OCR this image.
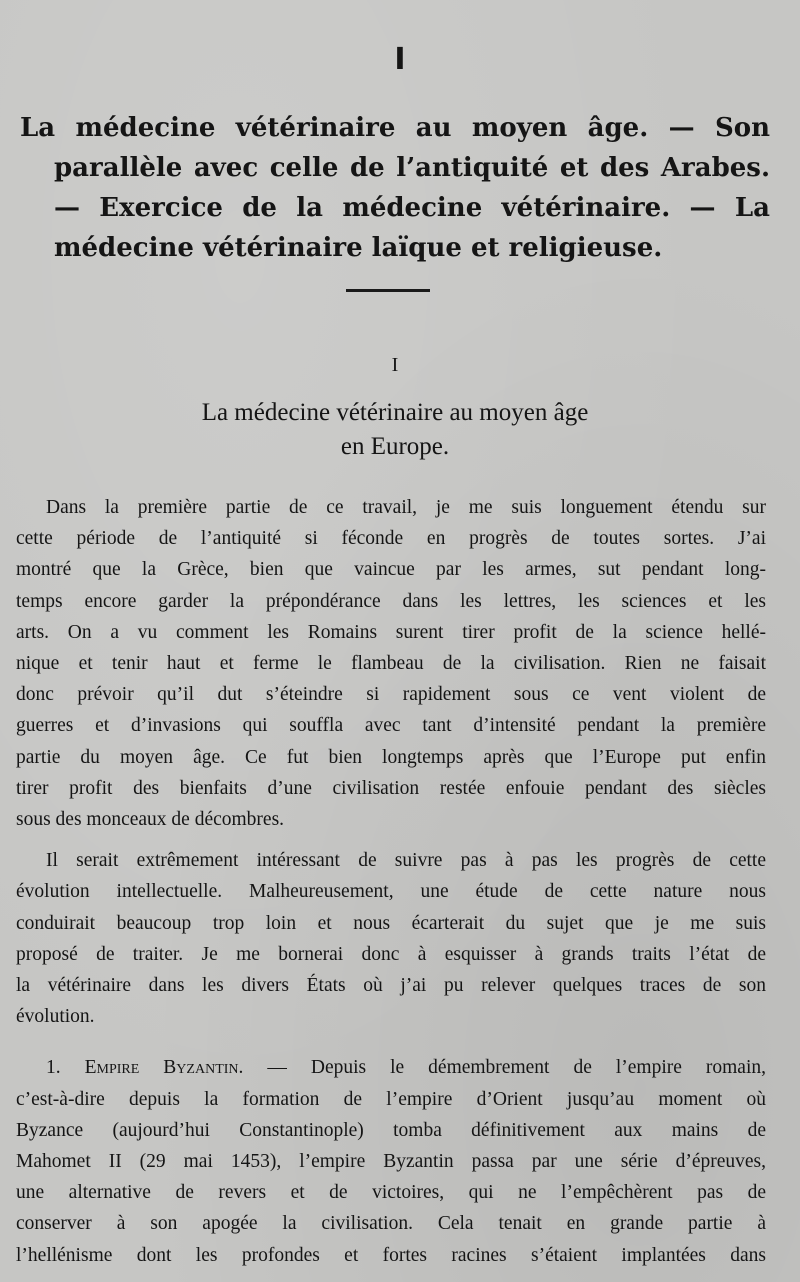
I
La médecine vétérinaire au moyen âge. — Son
parallèle avec celle de l’antiquité et des Arabes.
— Exercice de la médecine vétérinaire. — La
médecine vétérinaire laïque et religieuse.
I
La médecine vétérinaire au moyen âge
en Europe.

Dans la première partie de ce travail, je me suis longuement étendu sur
cette période de l’antiquité si féconde en progrès de toutes sortes. J’ai
montré que la Grèce, bien que vaincue par les armes, sut pendant long-
temps encore garder la prépondérance dans les lettres, les sciences et les
arts. On a vu comment les Romains surent tirer profit de la science hellé-
nique et tenir haut et ferme le flambeau de la civilisation. Rien ne faisait
donc prévoir qu’il dut s’éteindre si rapidement sous ce vent violent de
guerres et d’invasions qui souffla avec tant d’intensité pendant la première
partie du moyen âge. Ce fut bien longtemps après que l’Europe put enfin
tirer profit des bienfaits d’une civilisation restée enfouie pendant des siècles
sous des monceaux de décombres.

Il serait extrêmement intéressant de suivre pas à pas les progrès de cette
évolution intellectuelle. Malheureusement, une étude de cette nature nous
conduirait beaucoup trop loin et nous écarterait du sujet que je me suis
proposé de traiter. Je me bornerai donc à esquisser à grands traits l’état de
la vétérinaire dans les divers États où j’ai pu relever quelques traces de son
évolution.

1. Empire Byzantin. — Depuis le démembrement de l’empire romain,
c’est-à-dire depuis la formation de l’empire d’Orient jusqu’au moment où
Byzance (aujourd’hui Constantinople) tomba définitivement aux mains de
Mahomet II (29 mai 1453), l’empire Byzantin passa par une série d’épreuves,
une alternative de revers et de victoires, qui ne l’empêchèrent pas de
conserver à son apogée la civilisation. Cela tenait en grande partie à
l’hellénisme dont les profondes et fortes racines s’étaient implantées dans
